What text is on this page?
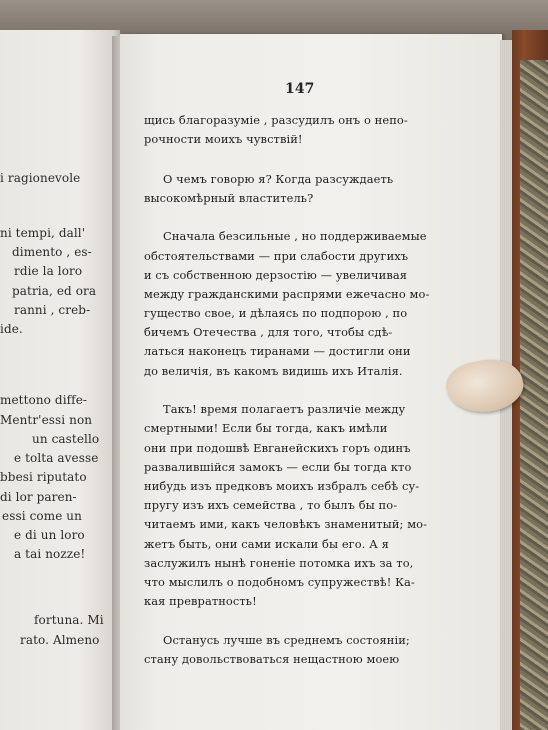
i ragionevole
ni tempi, dall'
dimento , es-
patria, ed ora
rdie la loro
ranni , creb-
ide.
mettono diffe-
Mentr'essi non
un castello
e tolta avesse
bbesi riputato
di lor paren-
essi come un
e di un loro
a tai nozze!
fortuna. Mi
rato. Almeno
147
щись благоразуміе , разсудилъ онъ о непо-
рочности моихъ чувствій!
О чемъ говорю я? Когда разсуждаеть
высокомѣрный властитель?
Сначала безсильные , но поддерживаемые
обстоятельствами — при слабости другихъ
и съ собственною дерзостію — увеличивая
между гражданскими распрями ежечасно мо-
гущество свое, и дѣлаясь по подпорою , по
бичемъ Отечества , для того, чтобы сдѣ-
латься наконецъ тиранами — достигли они
до величія, въ какомъ видишь ихъ Италія.
Такъ! время полагаетъ различіе между
смертными! Если бы тогда, какъ имѣли
они при подошвѣ Евганейскихъ горъ одинъ
развалившійся замокъ — если бы тогда кто
нибудь изъ предковъ моихъ избралъ себѣ су-
пругу изъ ихъ семейства , то былъ бы по-
читаемъ ими, какъ человѣкъ знаменитый; мо-
жетъ быть, они сами искали бы его. А я
заслужилъ нынѣ гоненіе потомка ихъ за то,
что мыслилъ о подобномъ супружествѣ! Ка-
кая превратность!
Останусь лучше въ среднемъ состояніи;
стану довольствоваться нещастною моею
